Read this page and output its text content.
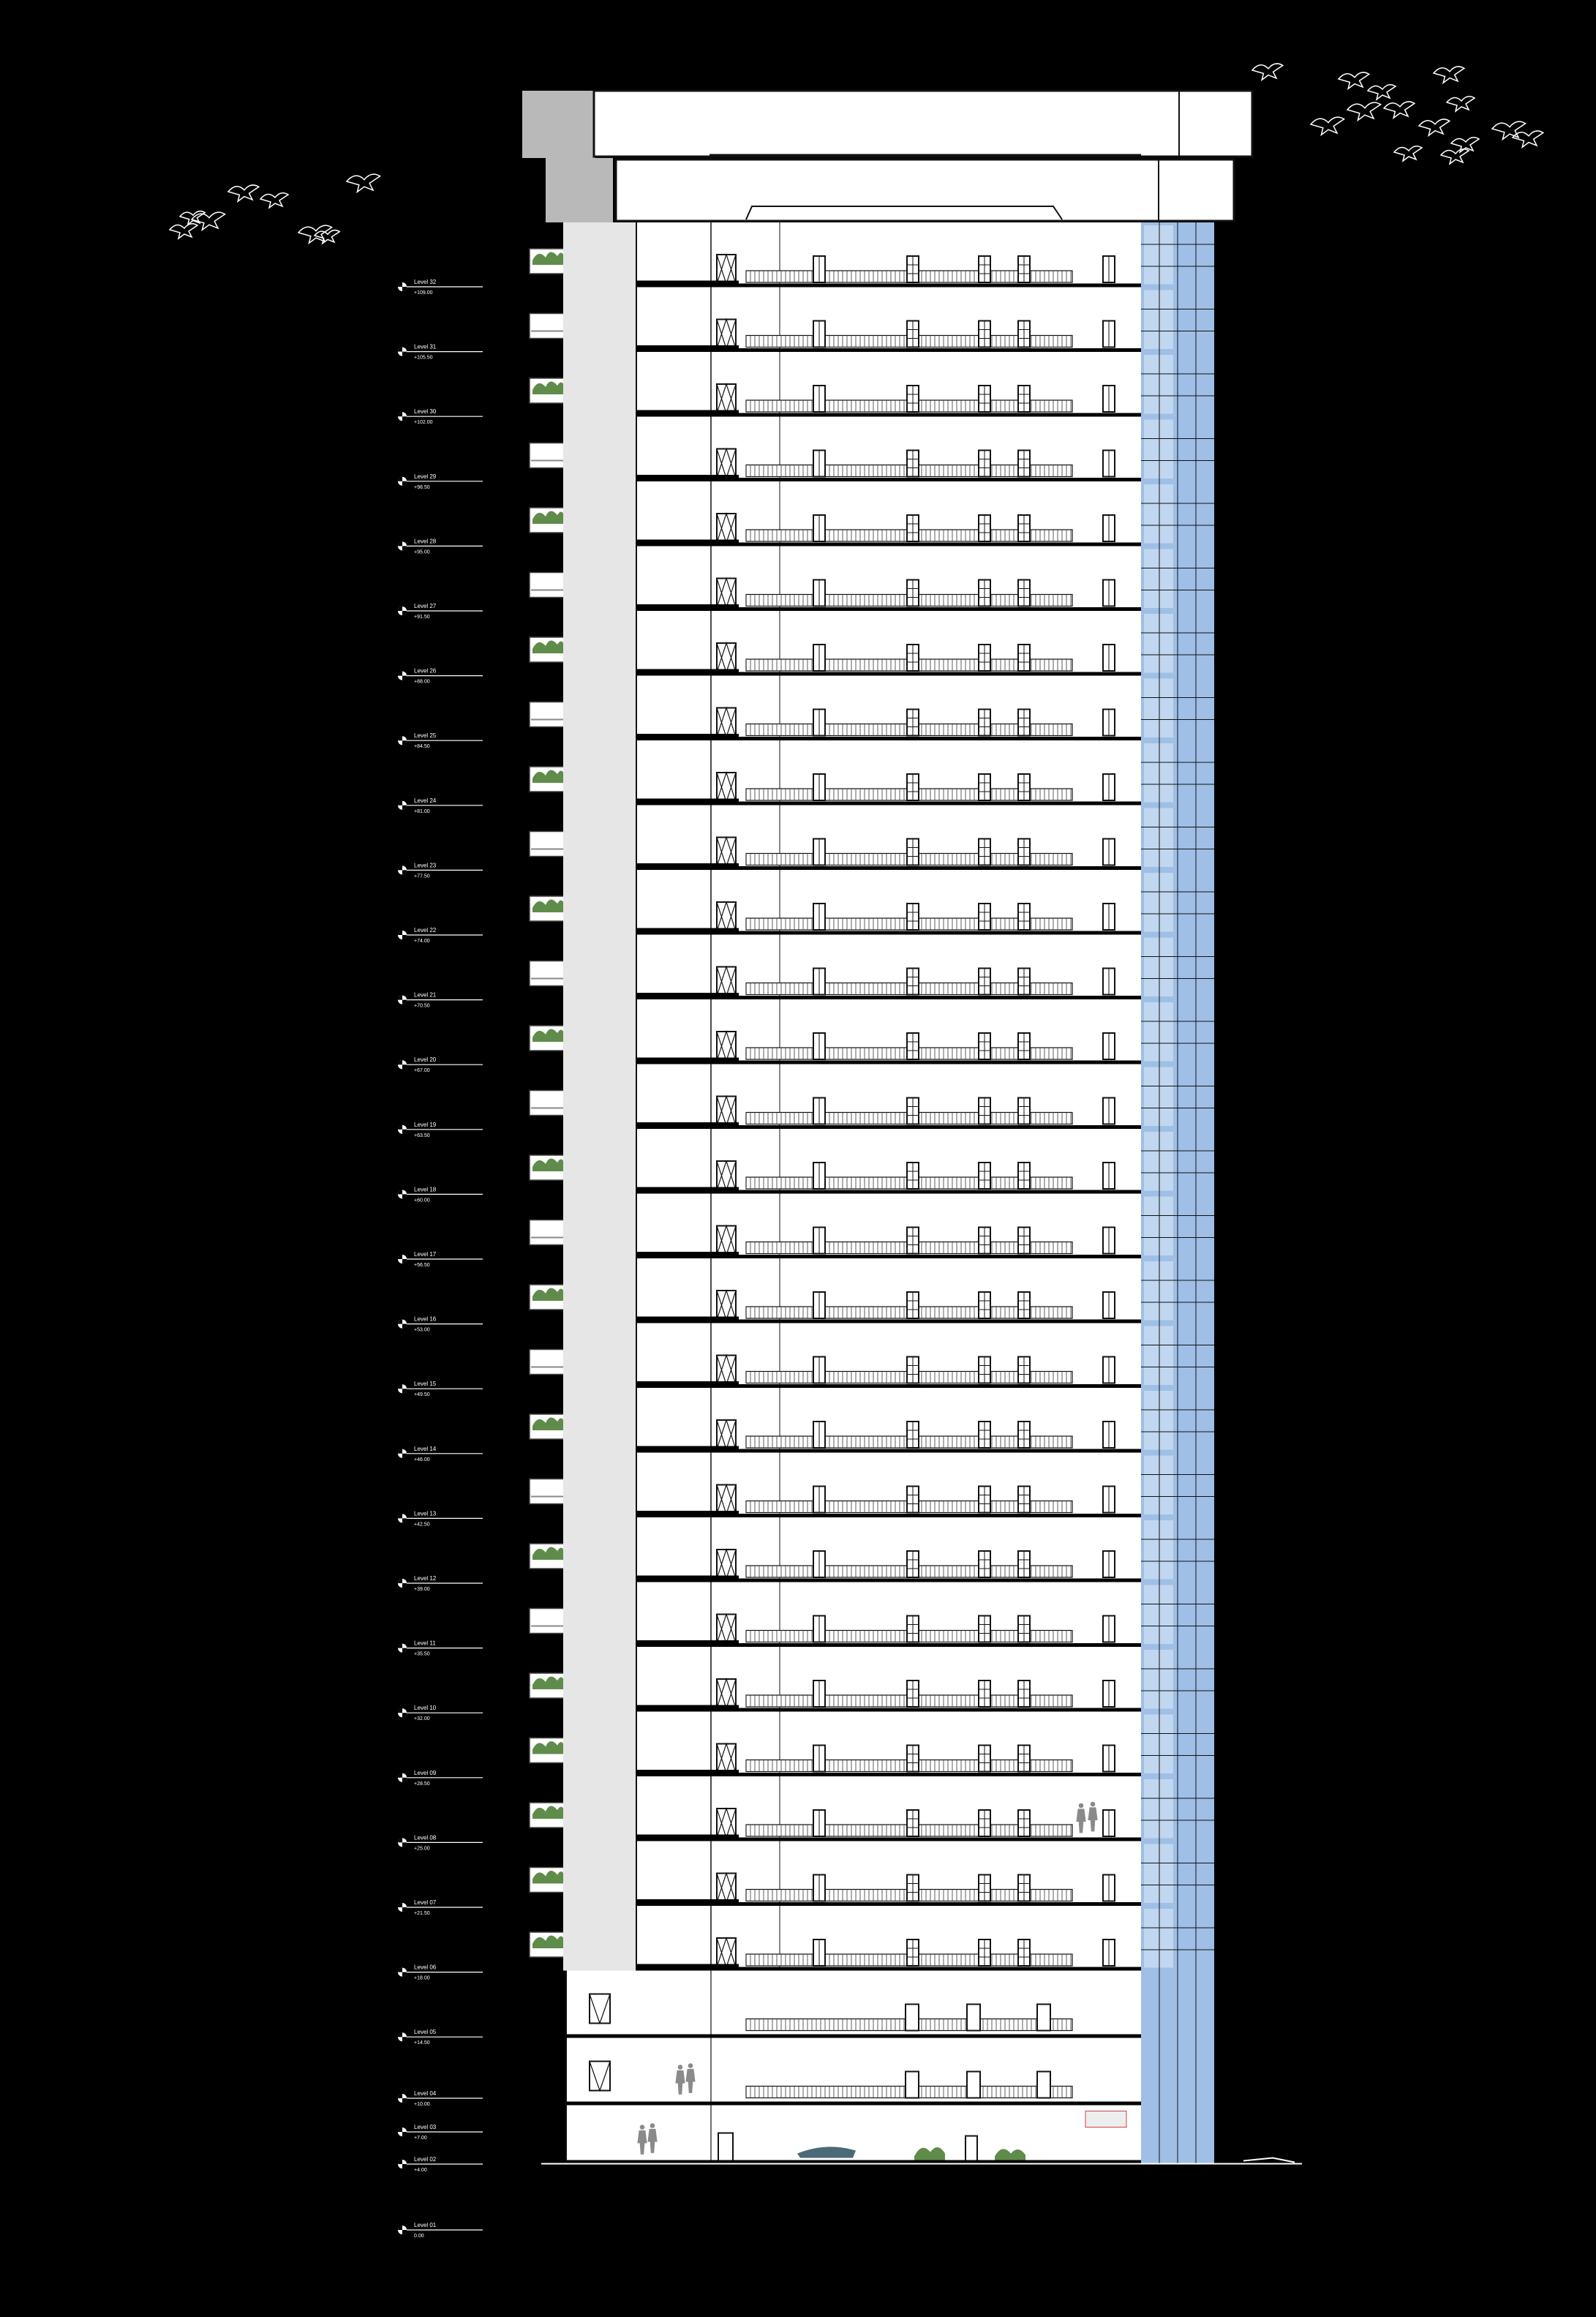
Level 32
+109.00
Level 31
+105.50
Level 30
+102.00
Level 29
+98.50
Level 28
+95.00
Level 27
+91.50
Level 26
+88.00
Level 25
+84.50
Level 24
+81.00
Level 23
+77.50
Level 22
+74.00
Level 21
+70.50
Level 20
+67.00
Level 19
+63.50
Level 18
+60.00
Level 17
+56.50
Level 16
+53.00
Level 15
+49.50
Level 14
+46.00
Level 13
+42.50
Level 12
+39.00
Level 11
+35.50
Level 10
+32.00
Level 09
+28.50
Level 08
+25.00
Level 07
+21.50
Level 06
+18.00
Level 05
+14.50
Level 04
+10.00
Level 03
+7.00
Level 02
+4.00
Level 01
0.00
